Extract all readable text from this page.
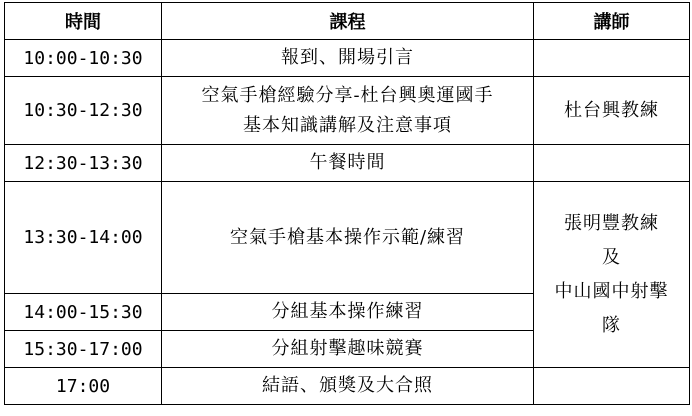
時間	課程	講師
10:00-10:30	報到、開場引言	

10:30-12:30	空氣手槍經驗分享-杜台興奧運國手
基本知識講解及注意事項	杜台興教練

12:30-13:30	午餐時間	

13:30-14:00	空氣手槍基本操作示範/練習	張明豐教練
及
中山國中射擊
隊

14:00-15:30	分組基本操作練習	

15:30-17:00	分組射擊趣味競賽	

17:00	結語、頒獎及大合照	
